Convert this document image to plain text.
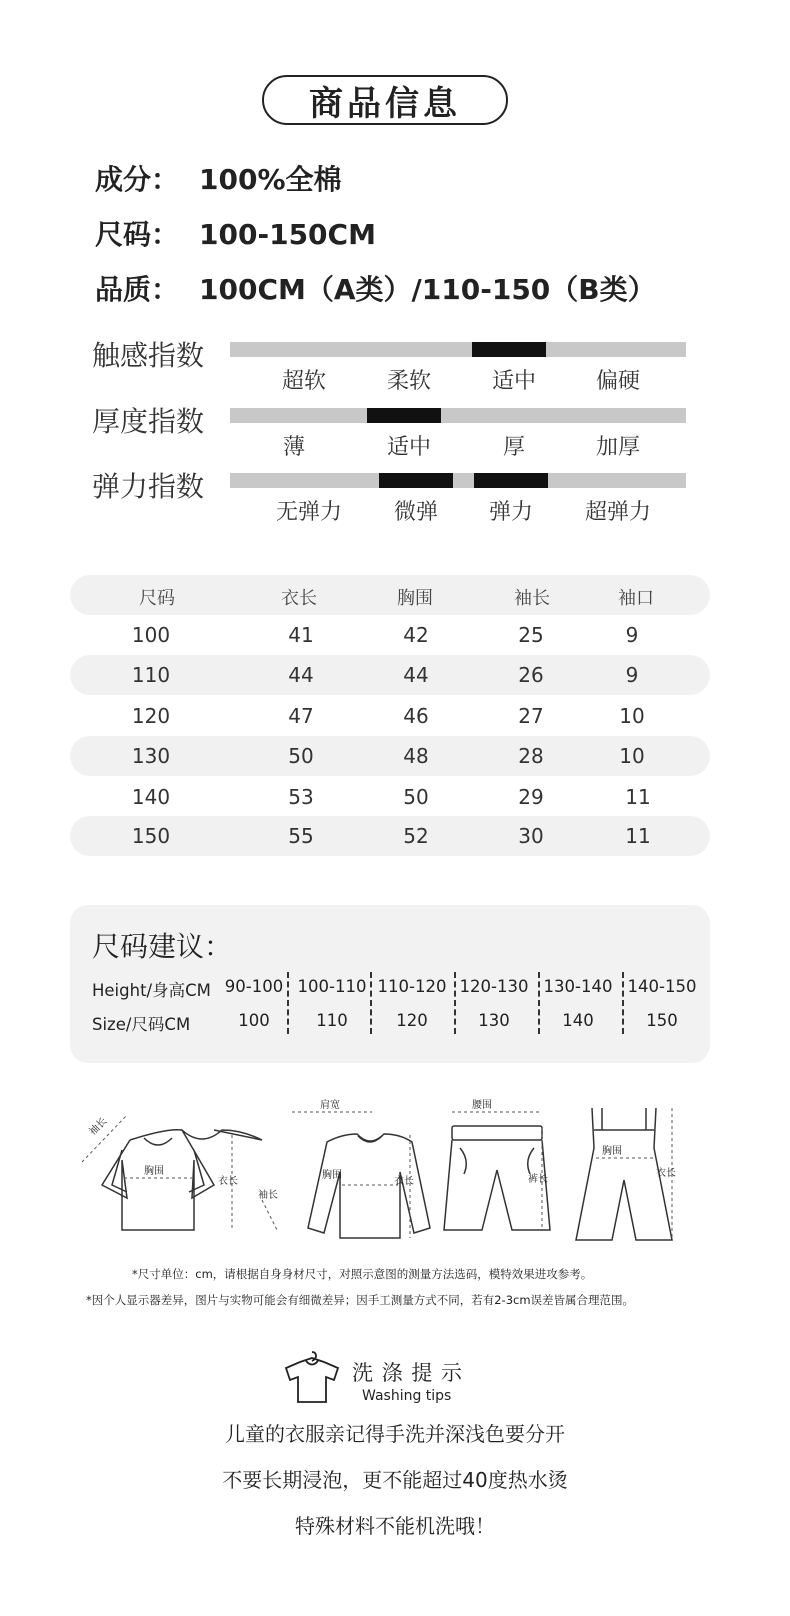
商品信息
成分： 100%全棉
尺码： 100-150CM
品质： 100CM（A类）/110-150（B类）
触感指数
超软	柔软	适中	偏硬
厚度指数
薄	适中	厚	加厚
弹力指数
无弹力	微弹	弹力	超弹力
尺码	衣长	胸围	袖长	袖口
100	41	42	25	9
110	44	44	26	9
120	47	46	27	10
130	50	48	28	10
140	53	50	29	11
150	55	52	30	11
尺码建议：
Height/身高CM
Size/尺码CM
90-100 100-110 110-120 120-130 130-140 140-150
100	110	120	130	140	150
袖长
胸围
衣长
肩宽
袖长
胸围
衣长
腰围
裤长
胸围
衣长
*尺寸单位：cm，请根据自身身材尺寸，对照示意图的测量方法选码，模特效果进攻参考。
*因个人显示器差异，图片与实物可能会有细微差异；因手工测量方式不同，若有2-3cm误差皆属合理范围。
洗 涤 提 示
Washing tips
儿童的衣服亲记得手洗并深浅色要分开
不要长期浸泡，更不能超过40度热水烫
特殊材料不能机洗哦！
